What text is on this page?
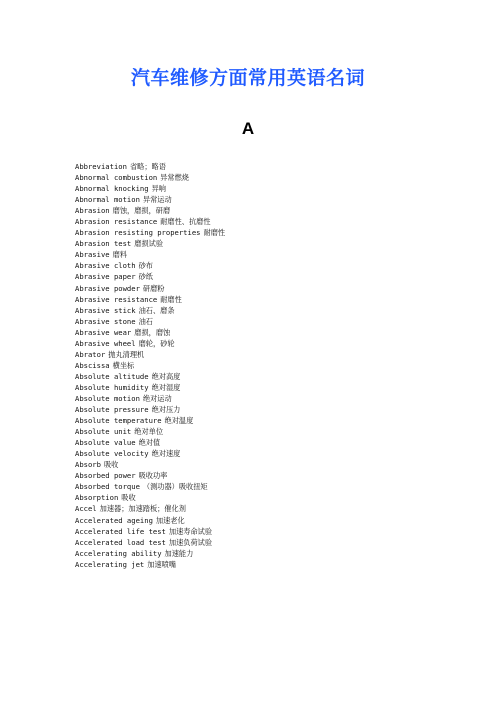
汽车维修方面常用英语名词
A
Abbreviation 省略；略语
Abnormal combustion 异常燃烧
Abnormal knocking 异响
Abnormal motion 异常运动
Abrasion 磨蚀，磨损，研磨
Abrasion resistance 耐磨性、抗磨性
Abrasion resisting properties 耐磨性
Abrasion test 磨损试验
Abrasive 磨料
Abrasive cloth 砂布
Abrasive paper 砂纸
Abrasive powder 研磨粉
Abrasive resistance 耐磨性
Abrasive stick 油石、磨条
Abrasive stone 油石
Abrasive wear 磨损，磨蚀
Abrasive wheel 磨轮，砂轮
Abrator 抛丸清理机
Abscissa 横坐标
Absolute altitude 绝对高度
Absolute humidity 绝对湿度
Absolute motion 绝对运动
Absolute pressure 绝对压力
Absolute temperature 绝对温度
Absolute unit 绝对单位
Absolute value 绝对值
Absolute velocity 绝对速度
Absorb 吸收
Absorbed power 吸收功率
Absorbed torque （测功器）吸收扭矩
Absorption 吸收
Accel 加速器；加速踏板；催化剂
Accelerated ageing 加速老化
Accelerated life test 加速寿命试验
Accelerated load test 加速负荷试验
Accelerating ability 加速能力
Accelerating jet 加速喷嘴
